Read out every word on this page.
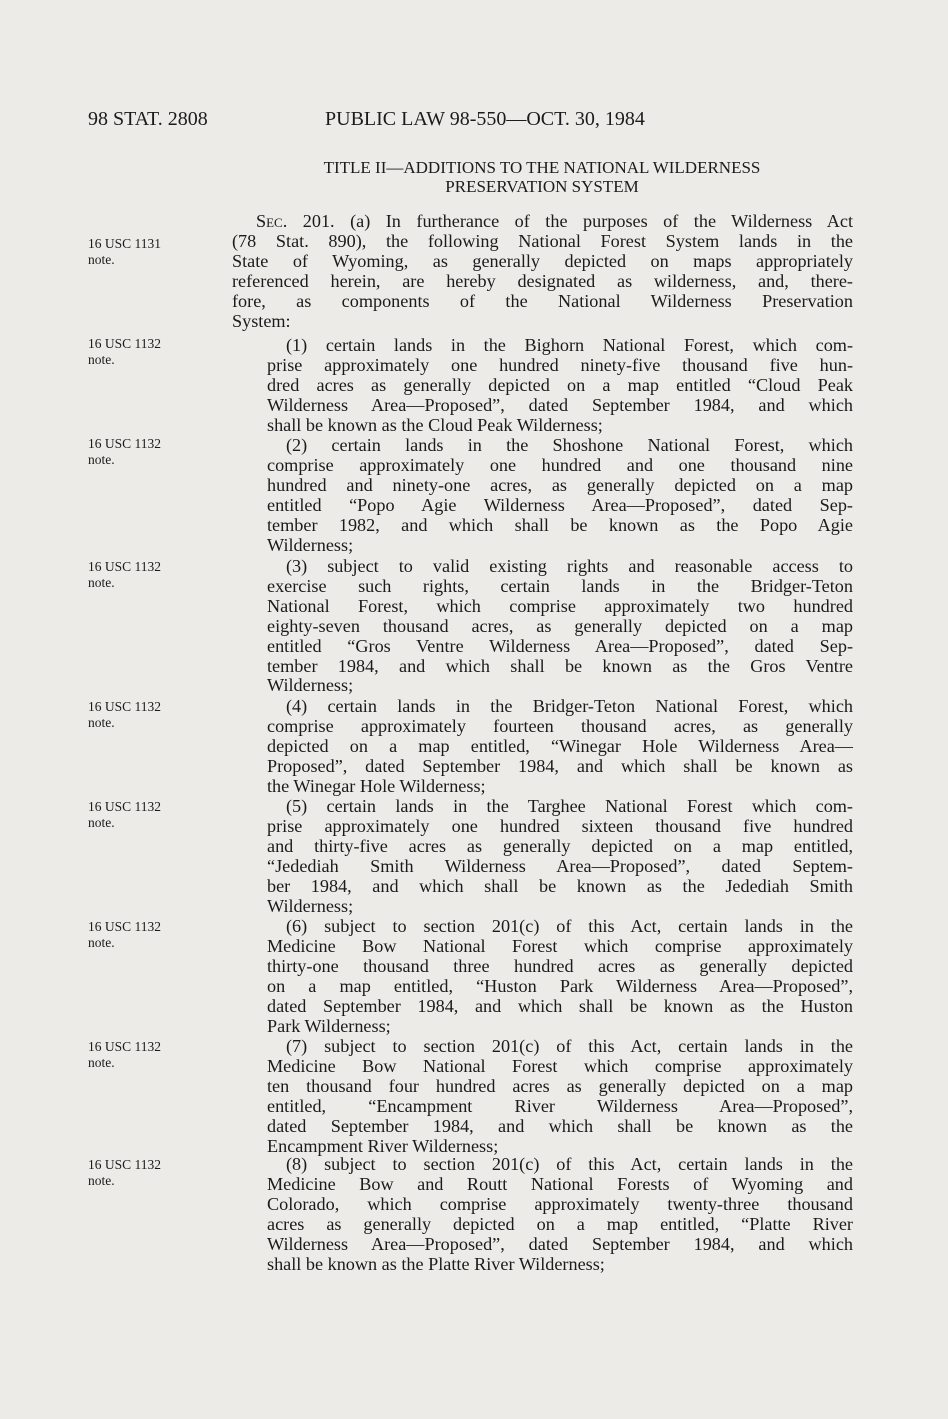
98 STAT. 2808	PUBLIC LAW 98-550—OCT. 30, 1984
TITLE II—ADDITIONS TO THE NATIONAL WILDERNESS
PRESERVATION SYSTEM
Sec. 201. (a) In furtherance of the purposes of the Wilderness Act
(78 Stat. 890), the following National Forest System lands in the
State of Wyoming, as generally depicted on maps appropriately
referenced herein, are hereby designated as wilderness, and, there-
fore, as components of the National Wilderness Preservation
System:
16 USC 1131
note.
16 USC 1132
note.
16 USC 1132
note.
16 USC 1132
note.
16 USC 1132
note.
16 USC 1132
note.
16 USC 1132
note.
16 USC 1132
note.
16 USC 1132
note.
(1) certain lands in the Bighorn National Forest, which com-
prise approximately one hundred ninety-five thousand five hun-
dred acres as generally depicted on a map entitled “Cloud Peak
Wilderness Area—Proposed”, dated September 1984, and which
shall be known as the Cloud Peak Wilderness;
(2) certain lands in the Shoshone National Forest, which
comprise approximately one hundred and one thousand nine
hundred and ninety-one acres, as generally depicted on a map
entitled “Popo Agie Wilderness Area—Proposed”, dated Sep-
tember 1982, and which shall be known as the Popo Agie
Wilderness;
(3) subject to valid existing rights and reasonable access to
exercise such rights, certain lands in the Bridger-Teton
National Forest, which comprise approximately two hundred
eighty-seven thousand acres, as generally depicted on a map
entitled “Gros Ventre Wilderness Area—Proposed”, dated Sep-
tember 1984, and which shall be known as the Gros Ventre
Wilderness;
(4) certain lands in the Bridger-Teton National Forest, which
comprise approximately fourteen thousand acres, as generally
depicted on a map entitled, “Winegar Hole Wilderness Area—
Proposed”, dated September 1984, and which shall be known as
the Winegar Hole Wilderness;
(5) certain lands in the Targhee National Forest which com-
prise approximately one hundred sixteen thousand five hundred
and thirty-five acres as generally depicted on a map entitled,
“Jedediah Smith Wilderness Area—Proposed”, dated Septem-
ber 1984, and which shall be known as the Jedediah Smith
Wilderness;
(6) subject to section 201(c) of this Act, certain lands in the
Medicine Bow National Forest which comprise approximately
thirty-one thousand three hundred acres as generally depicted
on a map entitled, “Huston Park Wilderness Area—Proposed”,
dated September 1984, and which shall be known as the Huston
Park Wilderness;
(7) subject to section 201(c) of this Act, certain lands in the
Medicine Bow National Forest which comprise approximately
ten thousand four hundred acres as generally depicted on a map
entitled, “Encampment River Wilderness Area—Proposed”,
dated September 1984, and which shall be known as the
Encampment River Wilderness;
(8) subject to section 201(c) of this Act, certain lands in the
Medicine Bow and Routt National Forests of Wyoming and
Colorado, which comprise approximately twenty-three thousand
acres as generally depicted on a map entitled, “Platte River
Wilderness Area—Proposed”, dated September 1984, and which
shall be known as the Platte River Wilderness;
